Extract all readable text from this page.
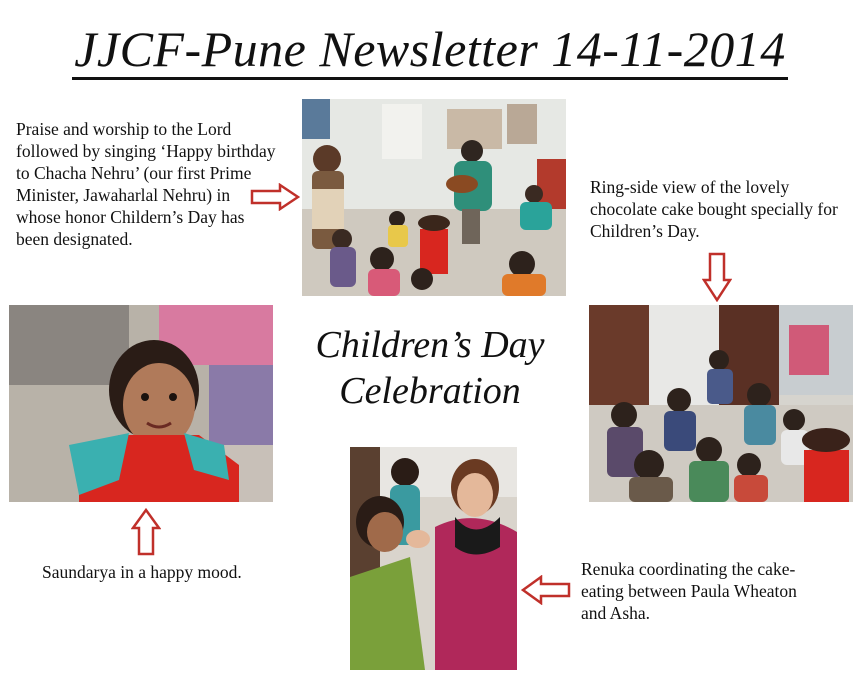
JJCF-Pune Newsletter 14-11-2014
Praise and worship to the Lord followed by singing ‘Happy birthday to Chacha Nehru’ (our first Prime Minister, Jawaharlal Nehru) in whose honor Childern’s Day has been designated.
Ring-side view of the lovely chocolate cake bought specially for Children’s Day.
Saundarya in a happy mood.
Children’s Day
Celebration
Renuka coordinating the cake-eating between Paula Wheaton and Asha.
